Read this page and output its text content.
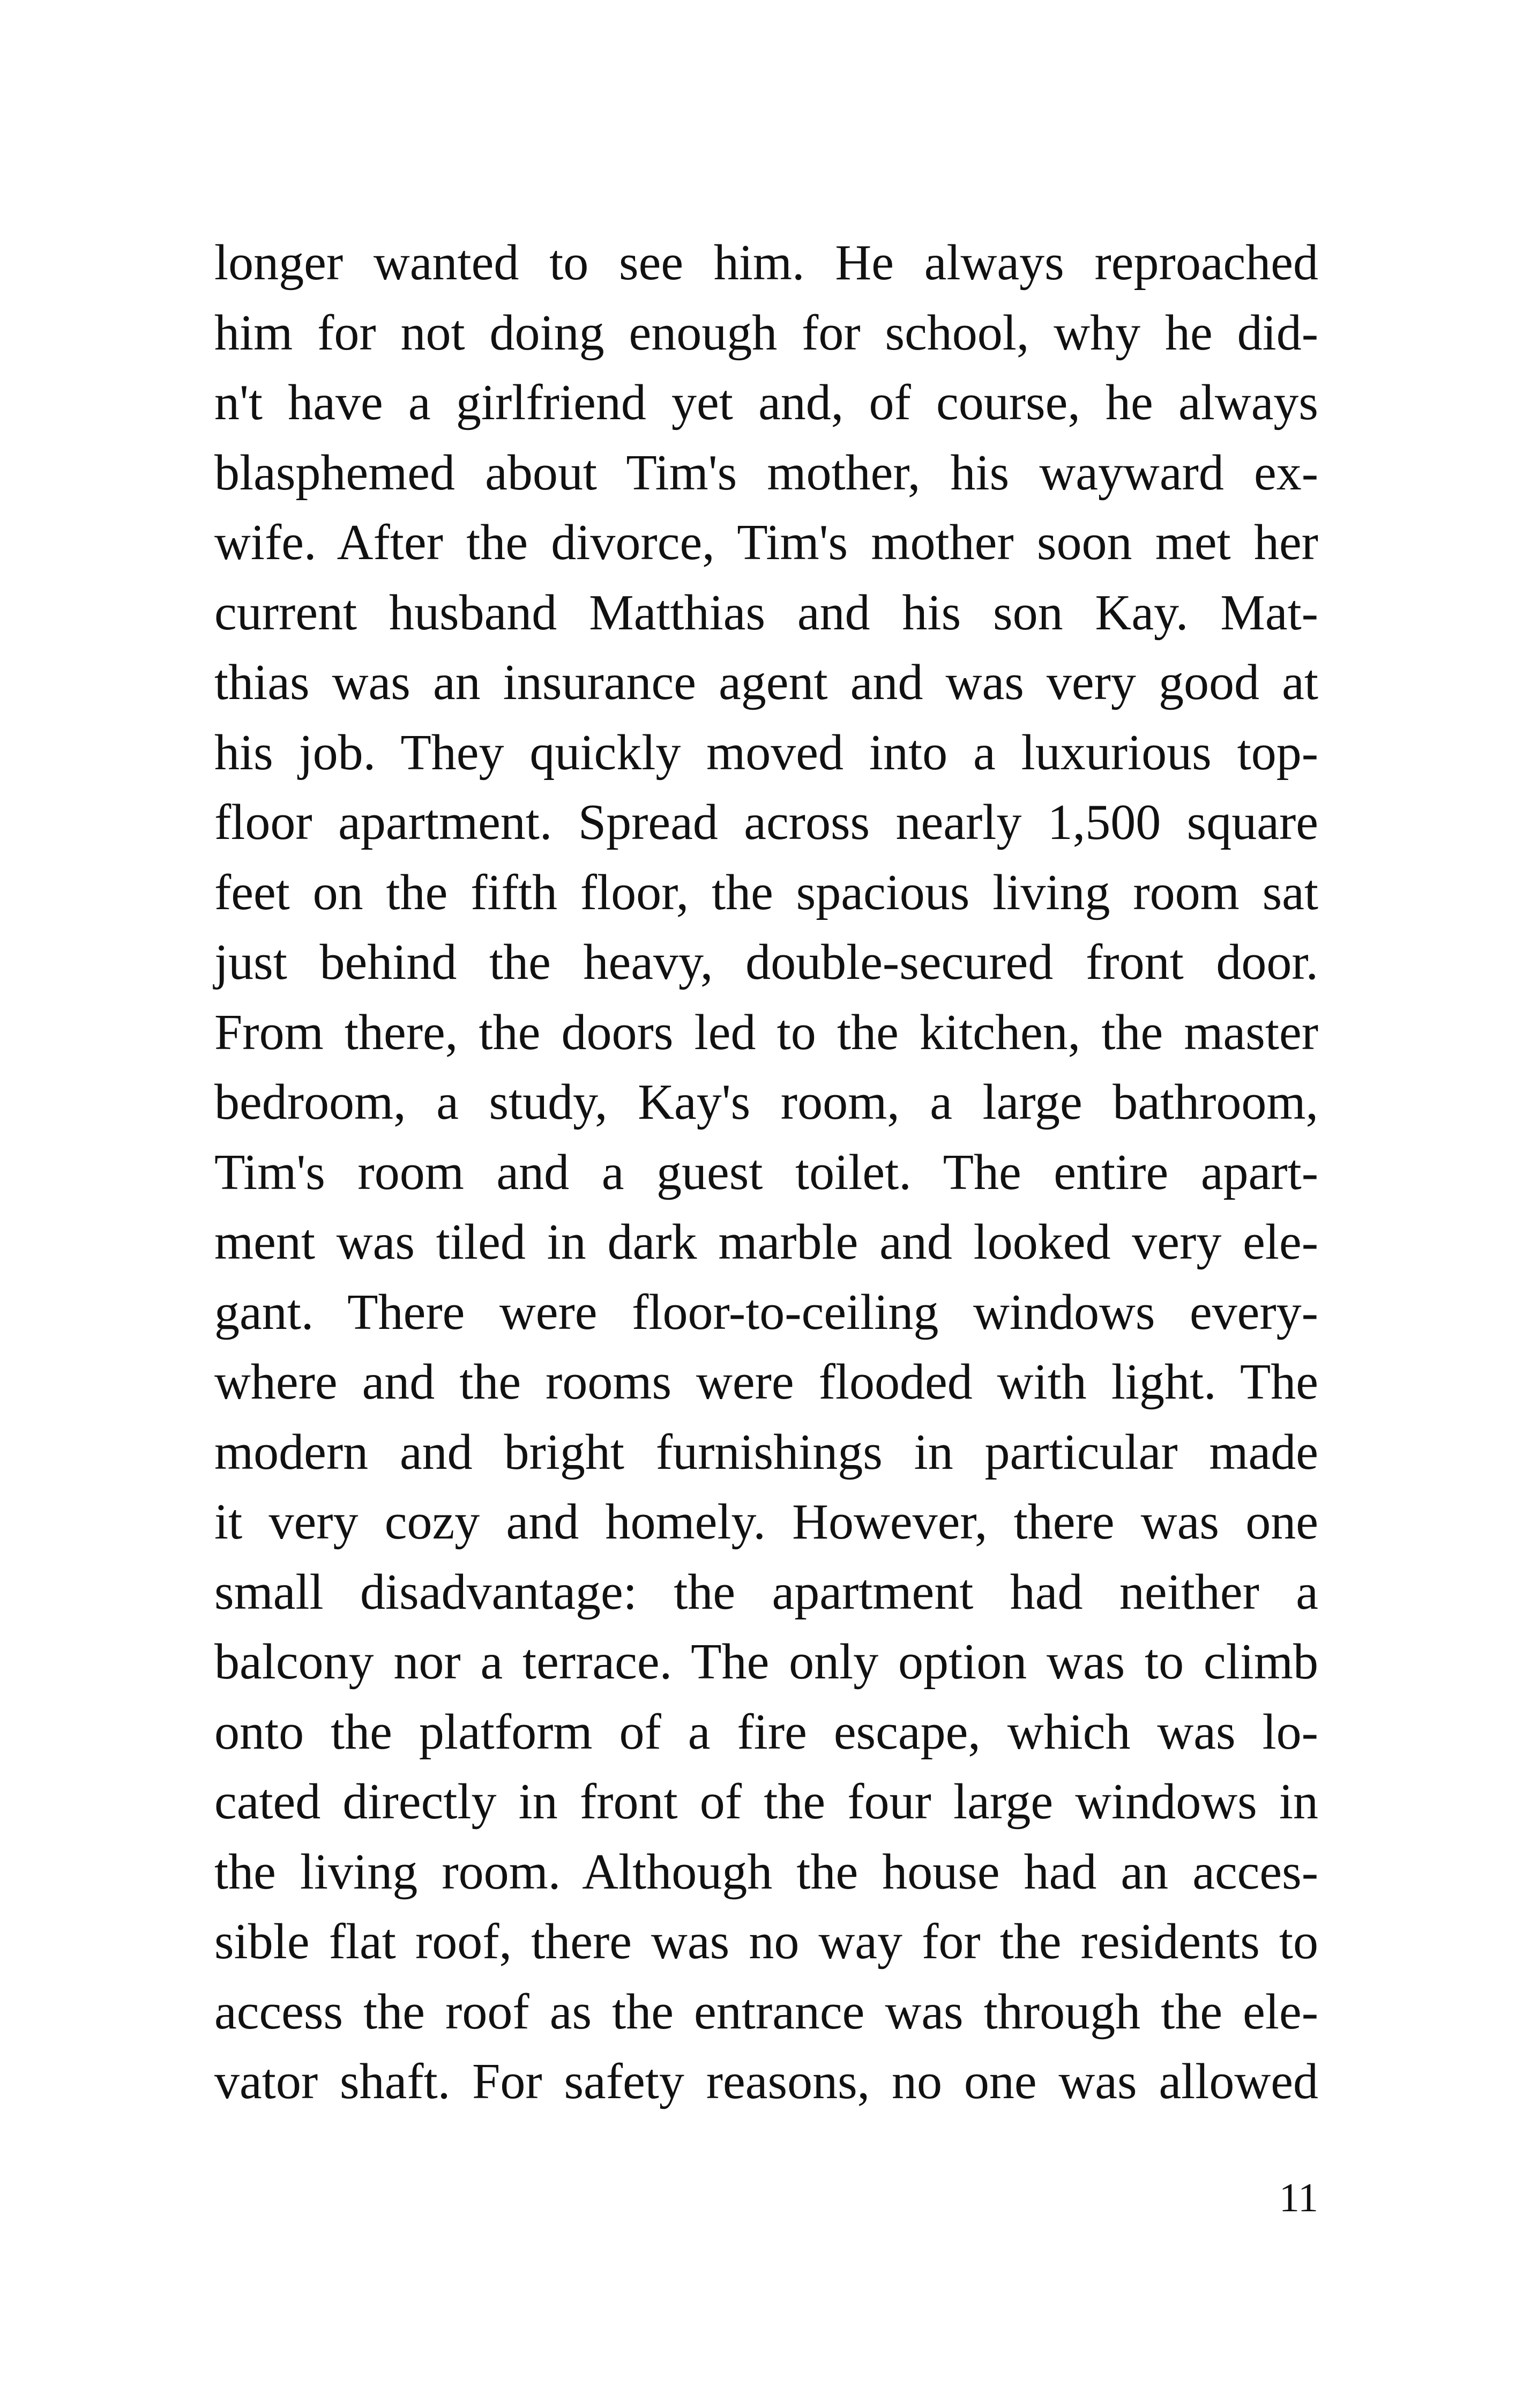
longer wanted to see him. He always reproached
him for not doing enough for school, why he did-
n't have a girlfriend yet and, of course, he always
blasphemed about Tim's mother, his wayward ex-
wife. After the divorce, Tim's mother soon met her
current husband Matthias and his son Kay. Mat-
thias was an insurance agent and was very good at
his job. They quickly moved into a luxurious top-
floor apartment. Spread across nearly 1,500 square
feet on the fifth floor, the spacious living room sat
just behind the heavy, double-secured front door.
From there, the doors led to the kitchen, the master
bedroom, a study, Kay's room, a large bathroom,
Tim's room and a guest toilet. The entire apart-
ment was tiled in dark marble and looked very ele-
gant. There were floor-to-ceiling windows every-
where and the rooms were flooded with light. The
modern and bright furnishings in particular made
it very cozy and homely. However, there was one
small disadvantage: the apartment had neither a
balcony nor a terrace. The only option was to climb
onto the platform of a fire escape, which was lo-
cated directly in front of the four large windows in
the living room. Although the house had an acces-
sible flat roof, there was no way for the residents to
access the roof as the entrance was through the ele-
vator shaft. For safety reasons, no one was allowed
11
